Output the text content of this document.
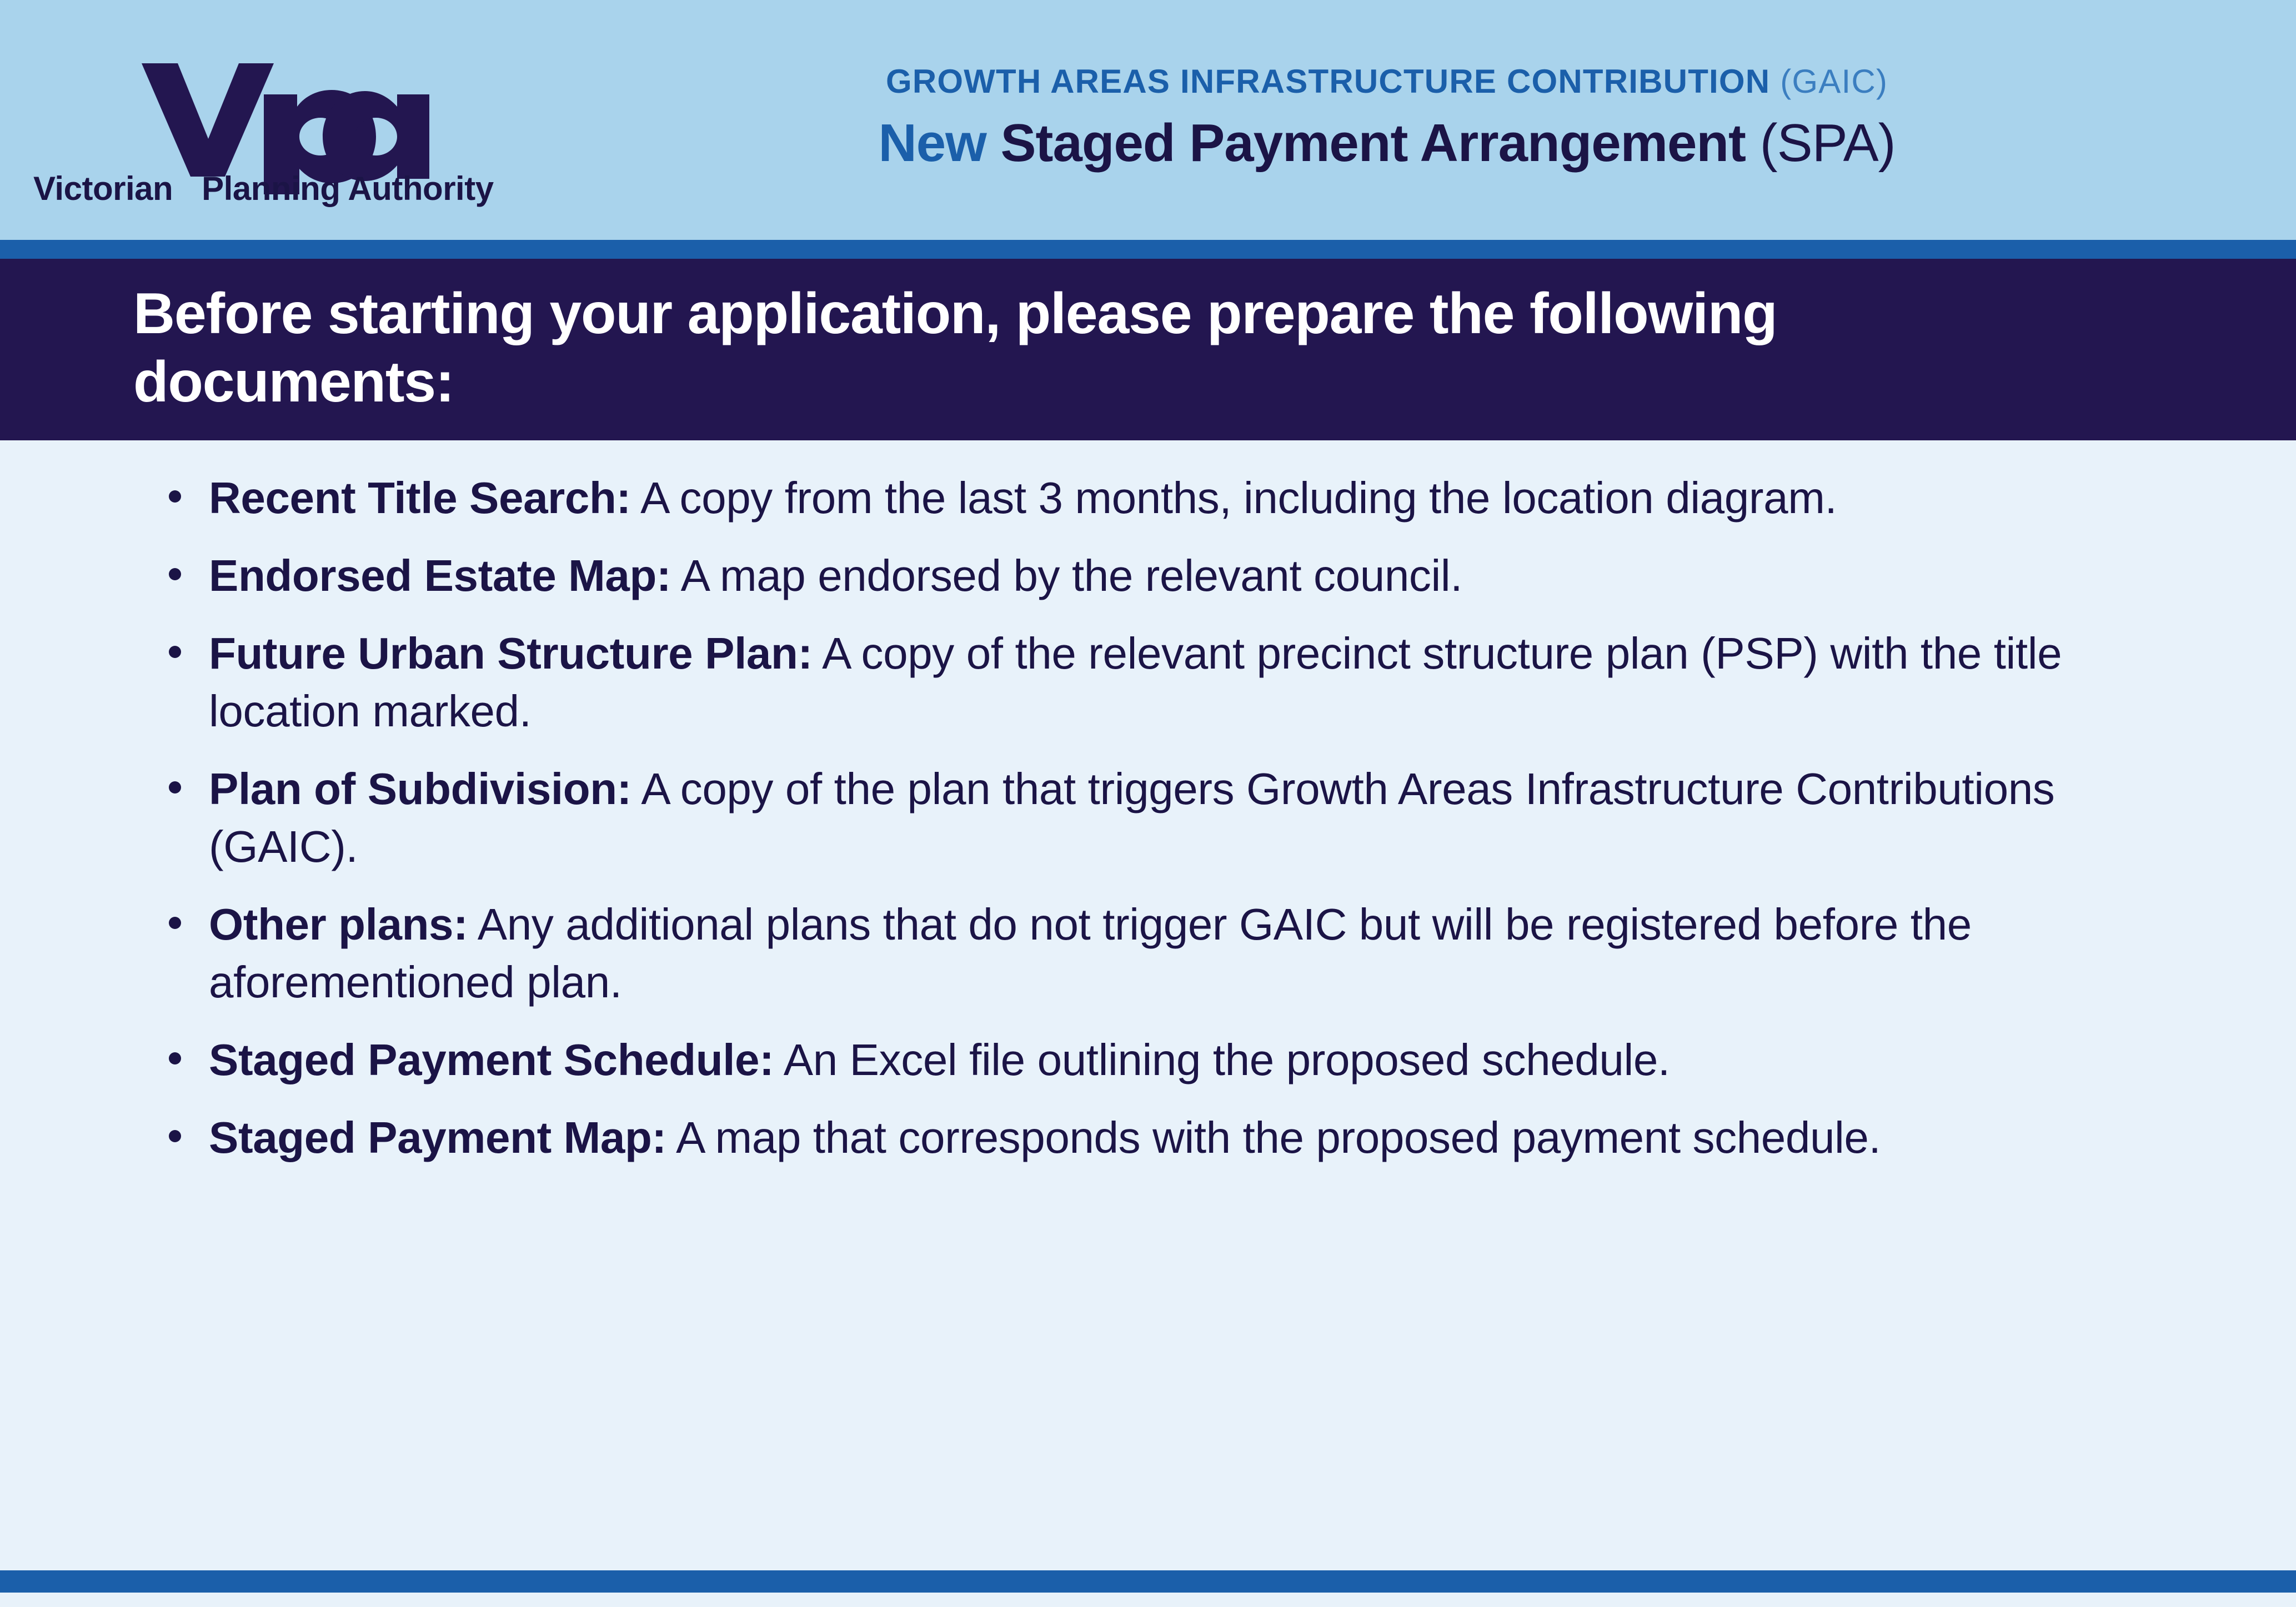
Victorian Planning Authority
GROWTH AREAS INFRASTRUCTURE CONTRIBUTION (GAIC)
New Staged Payment Arrangement (SPA)
Before starting your application, please prepare the following documents:
Recent Title Search: A copy from the last 3 months, including the location diagram.
Endorsed Estate Map: A map endorsed by the relevant council.
Future Urban Structure Plan: A copy of the relevant precinct structure plan (PSP) with the title location marked.
Plan of Subdivision: A copy of the plan that triggers Growth Areas Infrastructure Contributions (GAIC).
Other plans: Any additional plans that do not trigger GAIC but will be registered before the aforementioned plan.
Staged Payment Schedule: An Excel file outlining the proposed schedule.
Staged Payment Map: A map that corresponds with the proposed payment schedule.
